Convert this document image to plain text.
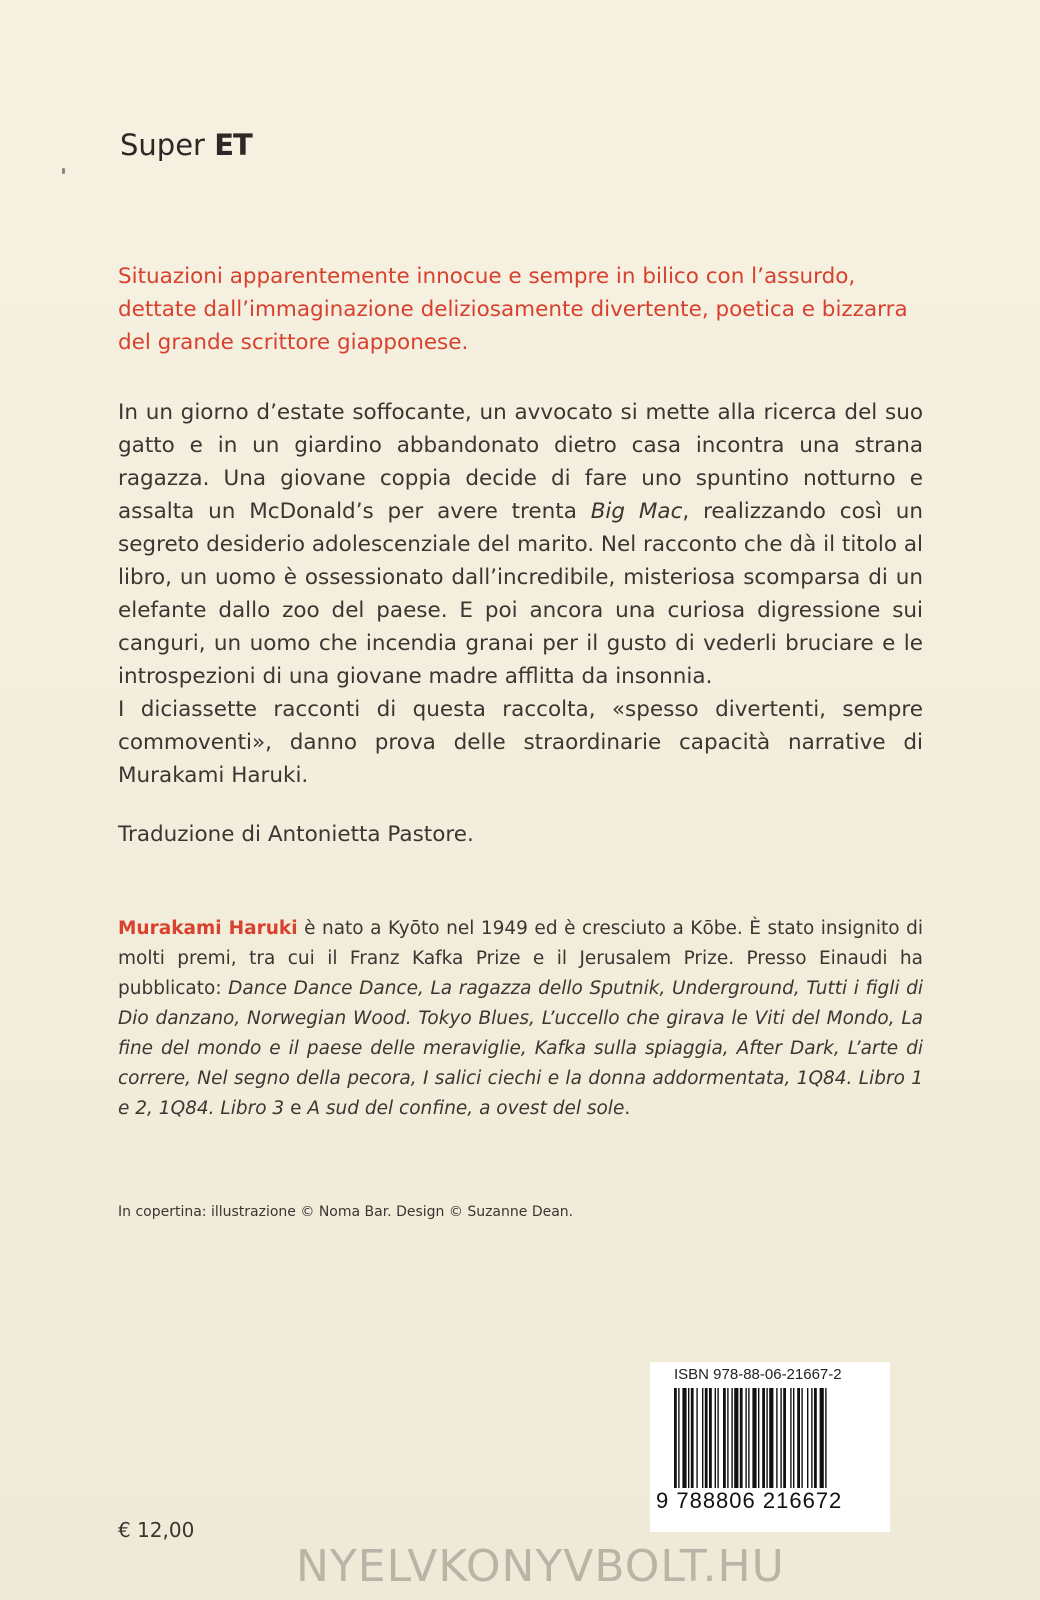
Super ET
Situazioni apparentemente innocue e sempre in bilico con l’assurdo, dettate dall’immaginazione deliziosamente divertente, poetica e bizzarra del grande scrittore giapponese.

In un giorno d’estate soffocante, un avvocato si mette alla ricerca del suo gatto e in un giardino abbandonato dietro casa incontra una strana ragazza. Una giovane coppia decide di fare uno spuntino notturno e assalta un McDonald’s per avere trenta Big Mac, realizzando così un segreto desiderio adolescenziale del marito. Nel racconto che dà il titolo al libro, un uomo è ossessionato dall’incredibile, misteriosa scomparsa di un elefante dallo zoo del paese. E poi ancora una curiosa digressione sui canguri, un uomo che incendia granai per il gusto di vederli bruciare e le introspezioni di una giovane madre afflitta da insonnia.

I diciassette racconti di questa raccolta, «spesso divertenti, sempre commoventi», danno prova delle straordinarie capacità narrative di Murakami Haruki.

Traduzione di Antonietta Pastore.

Murakami Haruki è nato a Kyōto nel 1949 ed è cresciuto a Kōbe. È stato insignito di molti premi, tra cui il Franz Kafka Prize e il Jerusalem Prize. Presso Einaudi ha pubblicato: Dance Dance Dance, La ragazza dello Sputnik, Underground, Tutti i figli di Dio danzano, Norwegian Wood. Tokyo Blues, L’uccello che girava le Viti del Mondo, La fine del mondo e il paese delle meraviglie, Kafka sulla spiaggia, After Dark, L’arte di correre, Nel segno della pecora, I salici ciechi e la donna addormentata, 1Q84. Libro 1 e 2, 1Q84. Libro 3 e A sud del confine, a ovest del sole.
In copertina: illustrazione © Noma Bar. Design © Suzanne Dean.
ISBN 978-88-06-21667-2
9 788806 216672
€ 12,00
NYELVKONYVBOLT.HU
